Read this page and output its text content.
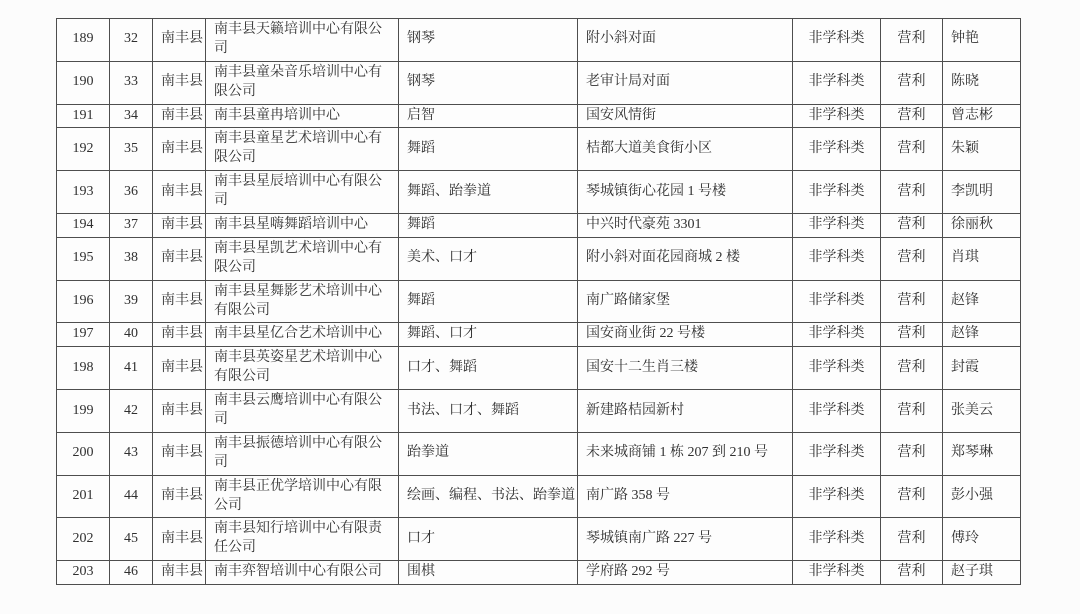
189	32	南丰县	南丰县天籁培训中心有限公司	钢琴	附小斜对面	非学科类	营利	钟艳
190	33	南丰县	南丰县童朵音乐培训中心有限公司	钢琴	老审计局对面	非学科类	营利	陈晓
191	34	南丰县	南丰县童冉培训中心	启智	国安风情街	非学科类	营利	曾志彬
192	35	南丰县	南丰县童星艺术培训中心有限公司	舞蹈	桔都大道美食街小区	非学科类	营利	朱颖
193	36	南丰县	南丰县星辰培训中心有限公司	舞蹈、跆拳道	琴城镇街心花园 1 号楼	非学科类	营利	李凯明
194	37	南丰县	南丰县星嗨舞蹈培训中心	舞蹈	中兴时代豪苑 3301	非学科类	营利	徐丽秋
195	38	南丰县	南丰县星凯艺术培训中心有限公司	美术、口才	附小斜对面花园商城 2 楼	非学科类	营利	肖琪
196	39	南丰县	南丰县星舞影艺术培训中心有限公司	舞蹈	南广路储家堡	非学科类	营利	赵锋
197	40	南丰县	南丰县星亿合艺术培训中心	舞蹈、口才	国安商业街 22 号楼	非学科类	营利	赵锋
198	41	南丰县	南丰县英姿星艺术培训中心有限公司	口才、舞蹈	国安十二生肖三楼	非学科类	营利	封霞
199	42	南丰县	南丰县云鹰培训中心有限公司	书法、口才、舞蹈	新建路桔园新村	非学科类	营利	张美云
200	43	南丰县	南丰县振德培训中心有限公司	跆拳道	未来城商铺 1 栋 207 到 210 号	非学科类	营利	郑琴琳
201	44	南丰县	南丰县正优学培训中心有限公司	绘画、编程、书法、跆拳道	南广路 358 号	非学科类	营利	彭小强
202	45	南丰县	南丰县知行培训中心有限责任公司	口才	琴城镇南广路 227 号	非学科类	营利	傅玲
203	46	南丰县	南丰弈智培训中心有限公司	围棋	学府路 292 号	非学科类	营利	赵子琪
